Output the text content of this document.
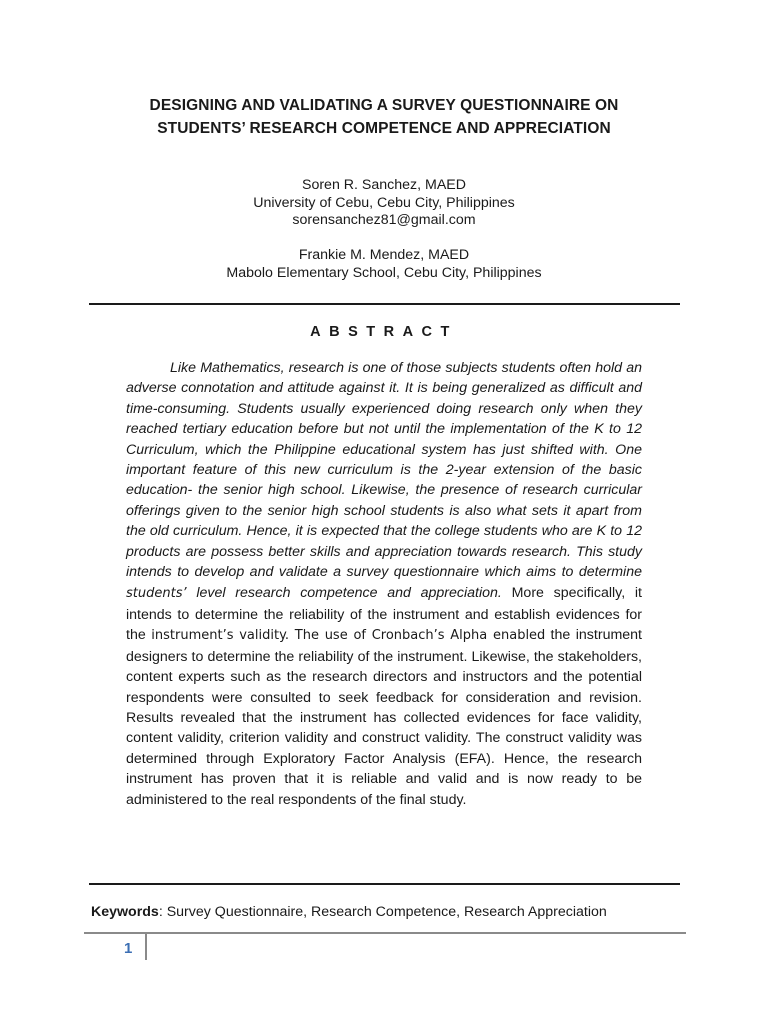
DESIGNING AND VALIDATING A SURVEY QUESTIONNAIRE ON
STUDENTS’ RESEARCH COMPETENCE AND APPRECIATION
Soren R. Sanchez, MAED
University of Cebu, Cebu City, Philippines
sorensanchez81@gmail.com
Frankie M. Mendez, MAED
Mabolo Elementary School, Cebu City, Philippines
ABSTRACT

Like Mathematics, research is one of those subjects students often hold an adverse connotation and attitude against it. It is being generalized as difficult and time-consuming. Students usually experienced doing research only when they reached tertiary education before but not until the implementation of the K to 12 Curriculum, which the Philippine educational system has just shifted with. One important feature of this new curriculum is the 2-year extension of the basic education- the senior high school. Likewise, the presence of research curricular offerings given to the senior high school students is also what sets it apart from the old curriculum. Hence, it is expected that the college students who are K to 12 products are possess better skills and appreciation towards research. This study intends to develop and validate a survey questionnaire which aims to determine students’ level research competence and appreciation. More specifically, it intends to determine the reliability of the instrument and establish evidences for the instrument’s validity. The use of Cronbach’s Alpha enabled the instrument designers to determine the reliability of the instrument. Likewise, the stakeholders, content experts such as the research directors and instructors and the potential respondents were consulted to seek feedback for consideration and revision. Results revealed that the instrument has collected evidences for face validity, content validity, criterion validity and construct validity. The construct validity was determined through Exploratory Factor Analysis (EFA). Hence, the research instrument has proven that it is reliable and valid and is now ready to be administered to the real respondents of the final study.

Keywords: Survey Questionnaire, Research Competence, Research Appreciation
1
